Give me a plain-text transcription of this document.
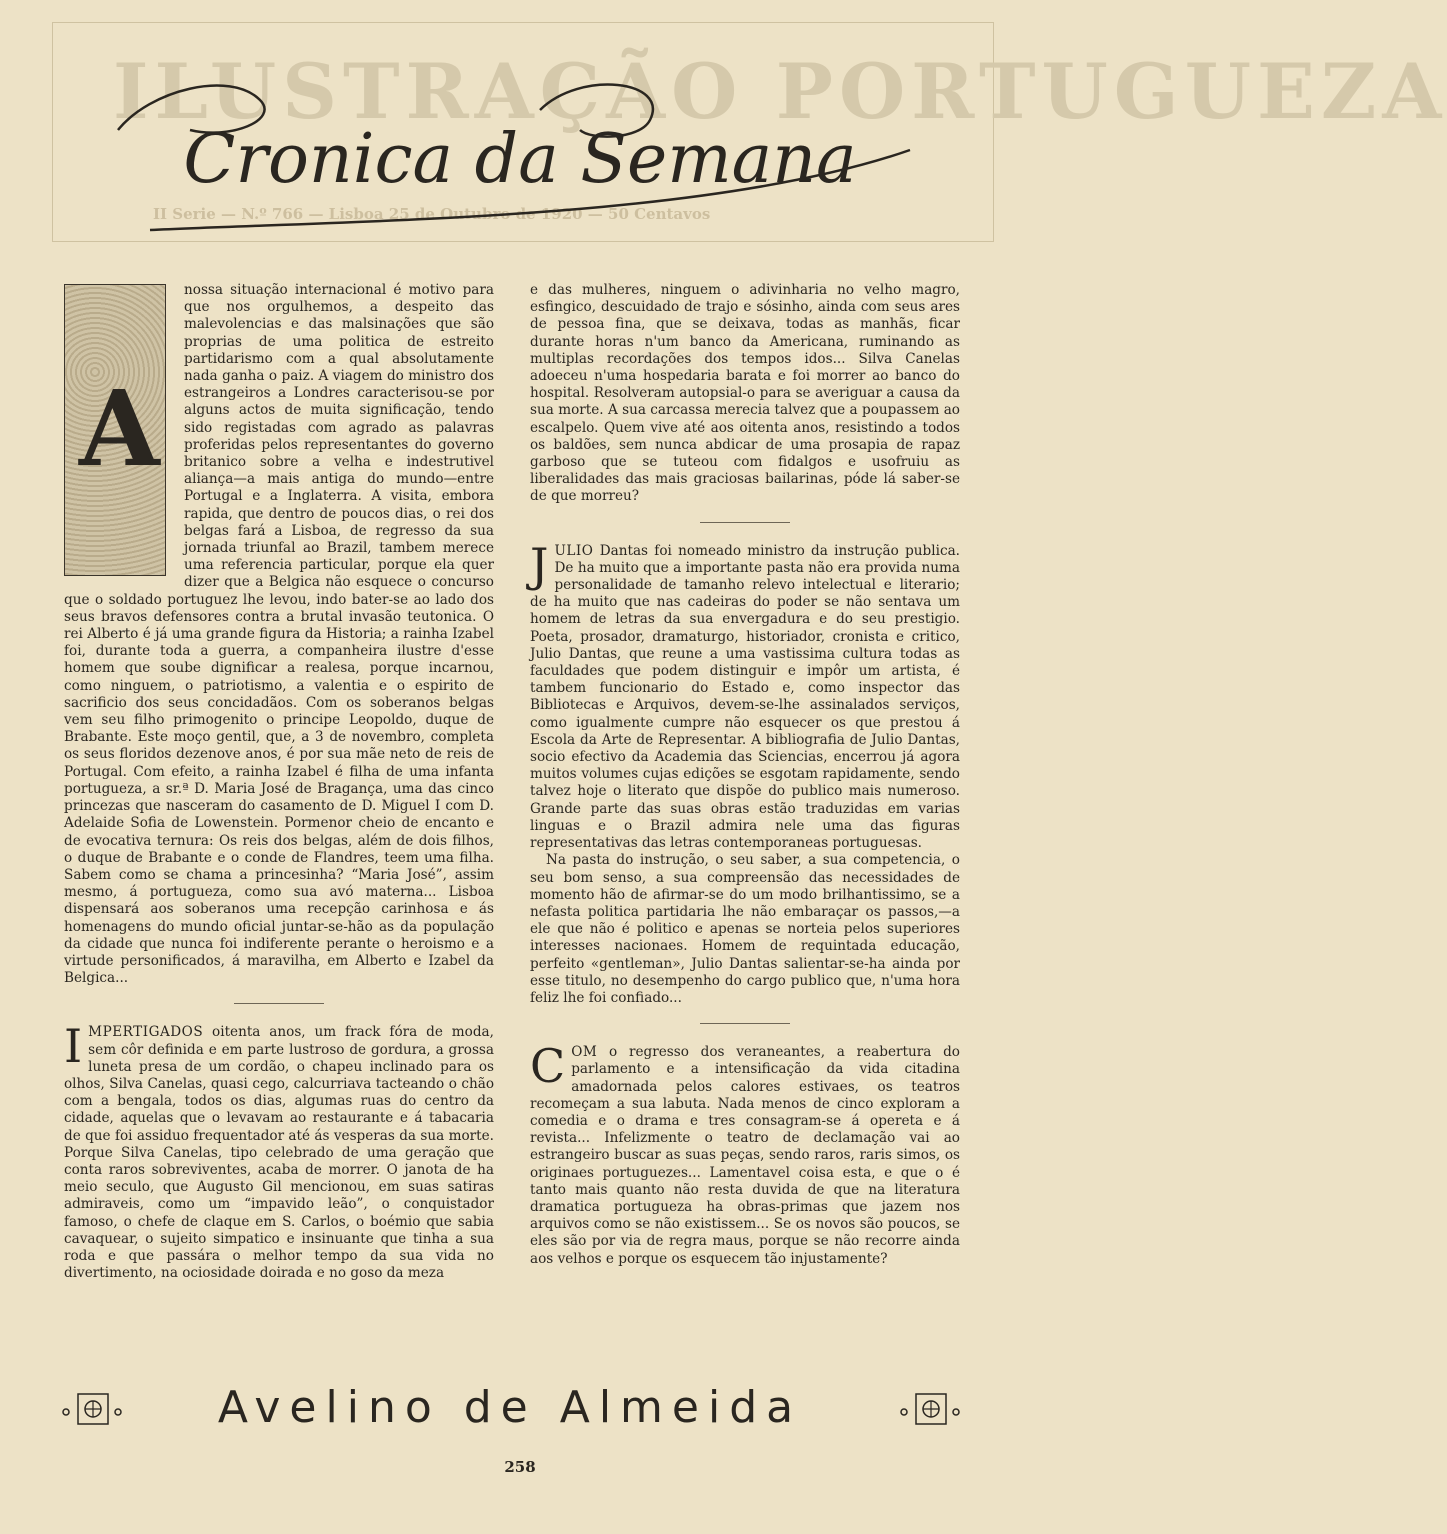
ILUSTRAÇÃO PORTUGUEZA
II Serie — N.º 766 — Lisboa 25 de Outubro de 1920 — 50 Centavos
Cronica da Semana
A

nossa situação internacional é motivo para que nos orgulhemos, a despeito das malevolencias e das malsinações que são proprias de uma politica de estreito partidarismo com a qual absolutamente nada ganha o paiz. A viagem do ministro dos estrangeiros a Londres caracterisou-se por alguns actos de muita significação, tendo sido registadas com agrado as palavras proferidas pelos representantes do governo britanico sobre a velha e indestrutivel aliança—a mais antiga do mundo—entre Portugal e a Inglaterra. A visita, embora rapida, que dentro de poucos dias, o rei dos belgas fará a Lisboa, de regresso da sua jornada triunfal ao Brazil, tambem merece uma referencia particular, porque ela quer dizer que a Belgica não esquece o concurso que o soldado portuguez lhe levou, indo bater-se ao lado dos seus bravos defensores contra a brutal invasão teutonica. O rei Alberto é já uma grande figura da Historia; a rainha Izabel foi, durante toda a guerra, a companheira ilustre d'esse homem que soube dignificar a realesa, porque incarnou, como ninguem, o patriotismo, a valentia e o espirito de sacrificio dos seus concidadãos. Com os soberanos belgas vem seu filho primogenito o principe Leopoldo, duque de Brabante. Este moço gentil, que, a 3 de novembro, completa os seus floridos dezenove anos, é por sua mãe neto de reis de Portugal. Com efeito, a rainha Izabel é filha de uma infanta portugueza, a sr.ª D. Maria José de Bragança, uma das cinco princezas que nasceram do casamento de D. Miguel I com D. Adelaide Sofia de Lowenstein. Pormenor cheio de encanto e de evocativa ternura: Os reis dos belgas, além de dois filhos, o duque de Brabante e o conde de Flandres, teem uma filha. Sabem como se chama a princesinha? “Maria José”, assim mesmo, á portugueza, como sua avó materna... Lisboa dispensará aos soberanos uma recepção carinhosa e ás homenagens do mundo oficial juntar-se-hão as da população da cidade que nunca foi indiferente perante o heroismo e a virtude personificados, á maravilha, em Alberto e Izabel da Belgica...

IMPERTIGADOS oitenta anos, um frack fóra de moda, sem côr definida e em parte lustroso de gordura, a grossa luneta presa de um cordão, o chapeu inclinado para os olhos, Silva Canelas, quasi cego, calcurriava tacteando o chão com a bengala, todos os dias, algumas ruas do centro da cidade, aquelas que o levavam ao restaurante e á tabacaria de que foi assiduo frequentador até ás vesperas da sua morte. Porque Silva Canelas, tipo celebrado de uma geração que conta raros sobreviventes, acaba de morrer. O janota de ha meio seculo, que Augusto Gil mencionou, em suas satiras admiraveis, como um “impavido leão”, o conquistador famoso, o chefe de claque em S. Carlos, o boémio que sabia cavaquear, o sujeito simpatico e insinuante que tinha a sua roda e que passára o melhor tempo da sua vida no divertimento, na ociosidade doirada e no goso da meza

e das mulheres, ninguem o adivinharia no velho magro, esfingico, descuidado de trajo e sósinho, ainda com seus ares de pessoa fina, que se deixava, todas as manhãs, ficar durante horas n'um banco da Americana, ruminando as multiplas recordações dos tempos idos... Silva Canelas adoeceu n'uma hospedaria barata e foi morrer ao banco do hospital. Resolveram autopsial-o para se averiguar a causa da sua morte. A sua carcassa merecia talvez que a poupassem ao escalpelo. Quem vive até aos oitenta anos, resistindo a todos os baldões, sem nunca abdicar de uma prosapia de rapaz garboso que se tuteou com fidalgos e usofruiu as liberalidades das mais graciosas bailarinas, póde lá saber-se de que morreu?

JULIO Dantas foi nomeado ministro da instrução publica. De ha muito que a importante pasta não era provida numa personalidade de tamanho relevo intelectual e literario; de ha muito que nas cadeiras do poder se não sentava um homem de letras da sua envergadura e do seu prestigio. Poeta, prosador, dramaturgo, historiador, cronista e critico, Julio Dantas, que reune a uma vastissima cultura todas as faculdades que podem distinguir e impôr um artista, é tambem funcionario do Estado e, como inspector das Bibliotecas e Arquivos, devem-se-lhe assinalados serviços, como igualmente cumpre não esquecer os que prestou á Escola da Arte de Representar. A bibliografia de Julio Dantas, socio efectivo da Academia das Sciencias, encerrou já agora muitos volumes cujas edições se esgotam rapidamente, sendo talvez hoje o literato que dispõe do publico mais numeroso. Grande parte das suas obras estão traduzidas em varias linguas e o Brazil admira nele uma das figuras representativas das letras contemporaneas portuguesas.

Na pasta do instrução, o seu saber, a sua competencia, o seu bom senso, a sua compreensão das necessidades de momento hão de afirmar-se do um modo brilhantissimo, se a nefasta politica partidaria lhe não embaraçar os passos,—a ele que não é politico e apenas se norteia pelos superiores interesses nacionaes. Homem de requintada educação, perfeito «gentleman», Julio Dantas salientar-se-ha ainda por esse titulo, no desempenho do cargo publico que, n'uma hora feliz lhe foi confiado...

COM o regresso dos veraneantes, a reabertura do parlamento e a intensificação da vida citadina amadornada pelos calores estivaes, os teatros recomeçam a sua labuta. Nada menos de cinco exploram a comedia e o drama e tres consagram-se á opereta e á revista... Infelizmente o teatro de declamação vai ao estrangeiro buscar as suas peças, sendo raros, raris simos, os originaes portuguezes... Lamentavel coisa esta, e que o é tanto mais quanto não resta duvida de que na literatura dramatica portugueza ha obras-primas que jazem nos arquivos como se não existissem... Se os novos são poucos, se eles são por via de regra maus, porque se não recorre ainda aos velhos e porque os esquecem tão injustamente?

Avelino de Almeida
258
